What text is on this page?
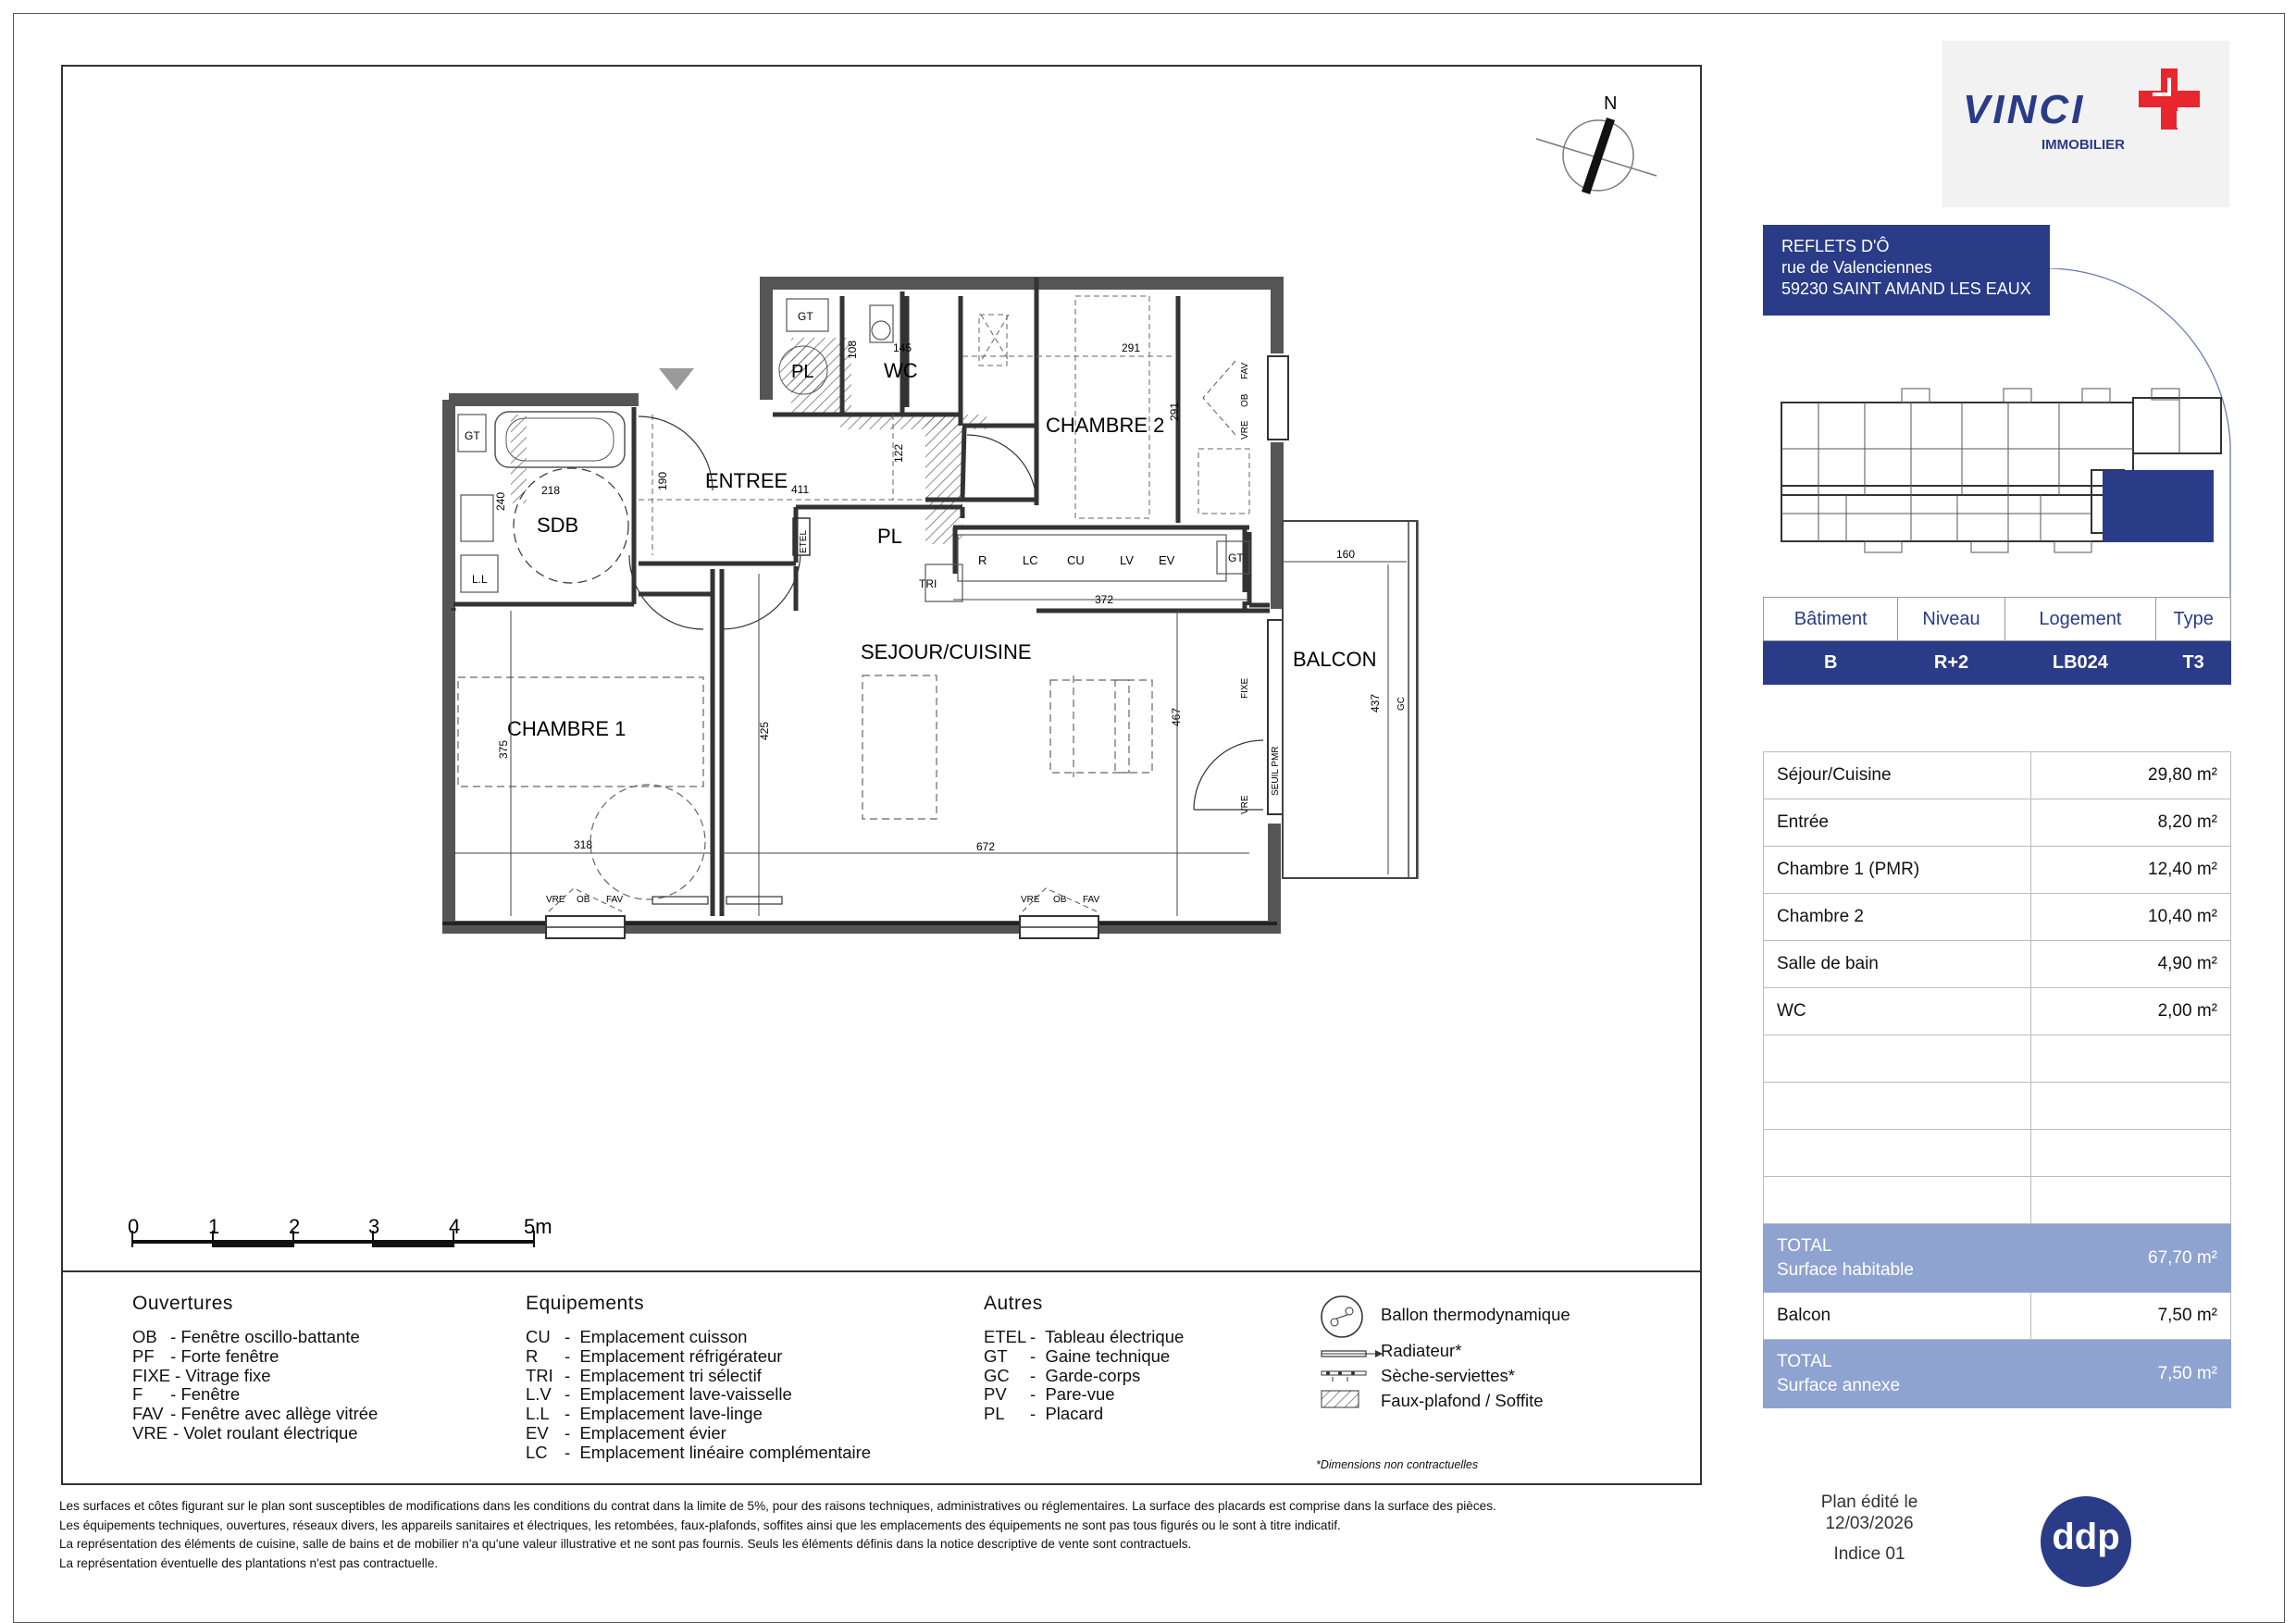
N
VRE OB FAV	VRE OB FAV
VRE
OB
FAV
FIXE
SEUIL PMR
VRE
BALCON
160
437 GC
CHAMBRE 2
291
291
GT
PL	WC
145
108
ENTREE 411
122
190
PL
ETEL
GT
SDB
218
240
L.L
R	LC CU	LV EV	GT
TRI
372
SEJOUR/CUISINE
425
467
672
CHAMBRE 1
318
375
0	1	2	3	4	5m
Ouvertures
OB - Fenêtre oscillo-battante
PF - Forte fenêtre
FIXE - Vitrage fixe
F - Fenêtre
FAV - Fenêtre avec allège vitrée
VRE - Volet roulant électrique
Equipements
CU -  Emplacement cuisson
R -  Emplacement réfrigérateur
TRI -  Emplacement tri sélectif
L.V -  Emplacement lave-vaisselle
L.L -  Emplacement lave-linge
EV -  Emplacement évier
LC -  Emplacement linéaire complémentaire
Autres
ETEL -  Tableau électrique
GT -  Gaine technique
GC -  Garde-corps
PV -  Pare-vue
PL -  Placard
Ballon thermodynamique
Radiateur*
Sèche-serviettes*
Faux-plafond / Soffite
*Dimensions non contractuelles
VINCI
IMMOBILIER
REFLETS D'Ô
rue de Valenciennes
59230 SAINT AMAND LES EAUX
Bâtiment	Niveau	Logement	Type
B	R+2	LB024	T3
Séjour/Cuisine	29,80 m²
Entrée	8,20 m²
Chambre 1 (PMR)	12,40 m²
Chambre 2	10,40 m²
Salle de bain	4,90 m²
WC	2,00 m²

TOTAL
Surface habitable	67,70 m²
Balcon	7,50 m²
TOTAL
Surface annexe	7,50 m²
Les surfaces et côtes figurant sur le plan sont susceptibles de modifications dans les conditions du contrat dans la limite de 5%, pour des raisons techniques, administratives ou réglementaires. La surface des placards est comprise dans la surface des pièces.
Les équipements techniques, ouvertures, réseaux divers, les appareils sanitaires et électriques, les retombées, faux-plafonds, soffites ainsi que les emplacements des équipements ne sont pas tous figurés ou le sont à titre indicatif.
La représentation des éléments de cuisine, salle de bains et de mobilier n'a qu'une valeur illustrative et ne sont pas fournis. Seuls les éléments définis dans la notice descriptive de vente sont contractuels.
La représentation éventuelle des plantations n'est pas contractuelle.
Plan édité le
12/03/2026
Indice 01	ddp
